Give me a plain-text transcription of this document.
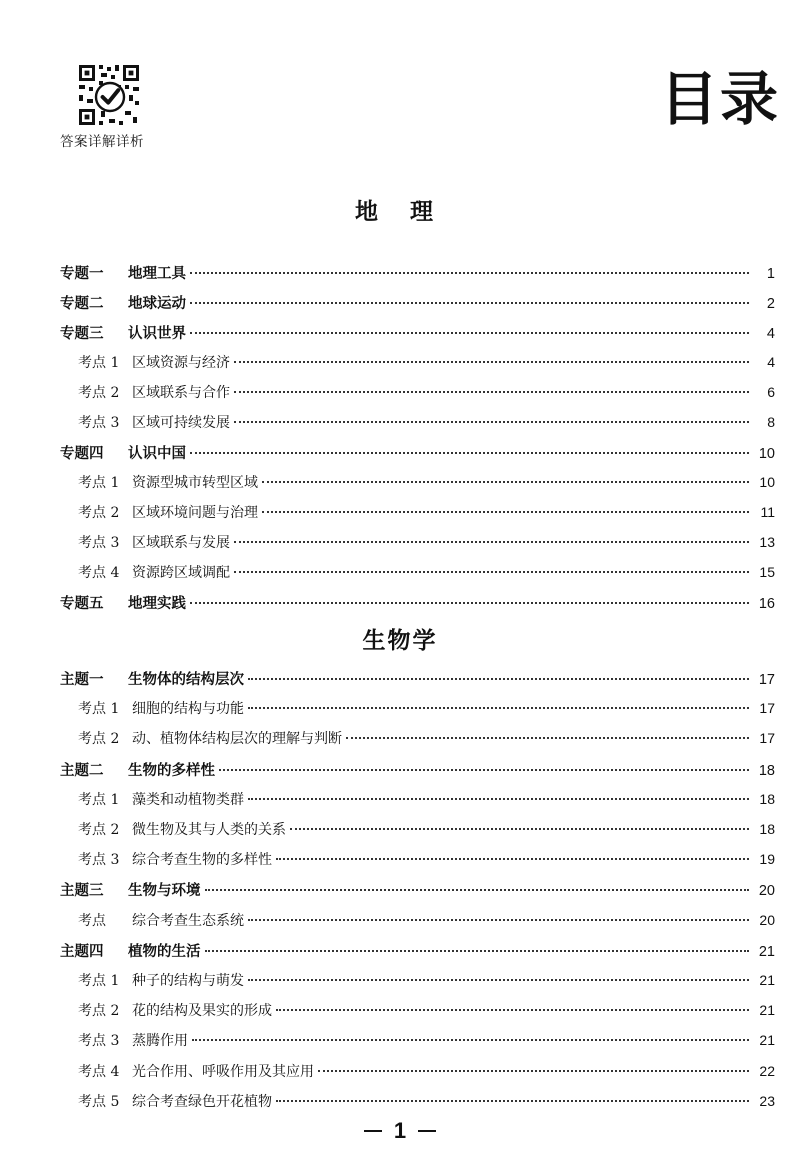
答案详解详析
目录
地 理
专题一	地理工具	1
专题二	地球运动	2
专题三	认识世界	4
考点 1 区域资源与经济	4
考点 2 区域联系与合作	6
考点 3 区域可持续发展	8
专题四	认识中国	10
考点 1 资源型城市转型区域	10
考点 2 区域环境问题与治理	11
考点 3 区域联系与发展	13
考点 4 资源跨区域调配	15
专题五	地理实践	16
生物学
主题一	生物体的结构层次	17
考点 1 细胞的结构与功能	17
考点 2 动、植物体结构层次的理解与判断	17
主题二	生物的多样性	18
考点 1 藻类和动植物类群	18
考点 2 微生物及其与人类的关系	18
考点 3 综合考查生物的多样性	19
主题三	生物与环境	20
考点	综合考查生态系统	20
主题四	植物的生活	21
考点 1 种子的结构与萌发	21
考点 2 花的结构及果实的形成	21
考点 3 蒸腾作用	21
考点 4 光合作用、呼吸作用及其应用	22
考点 5 综合考查绿色开花植物	23
1
